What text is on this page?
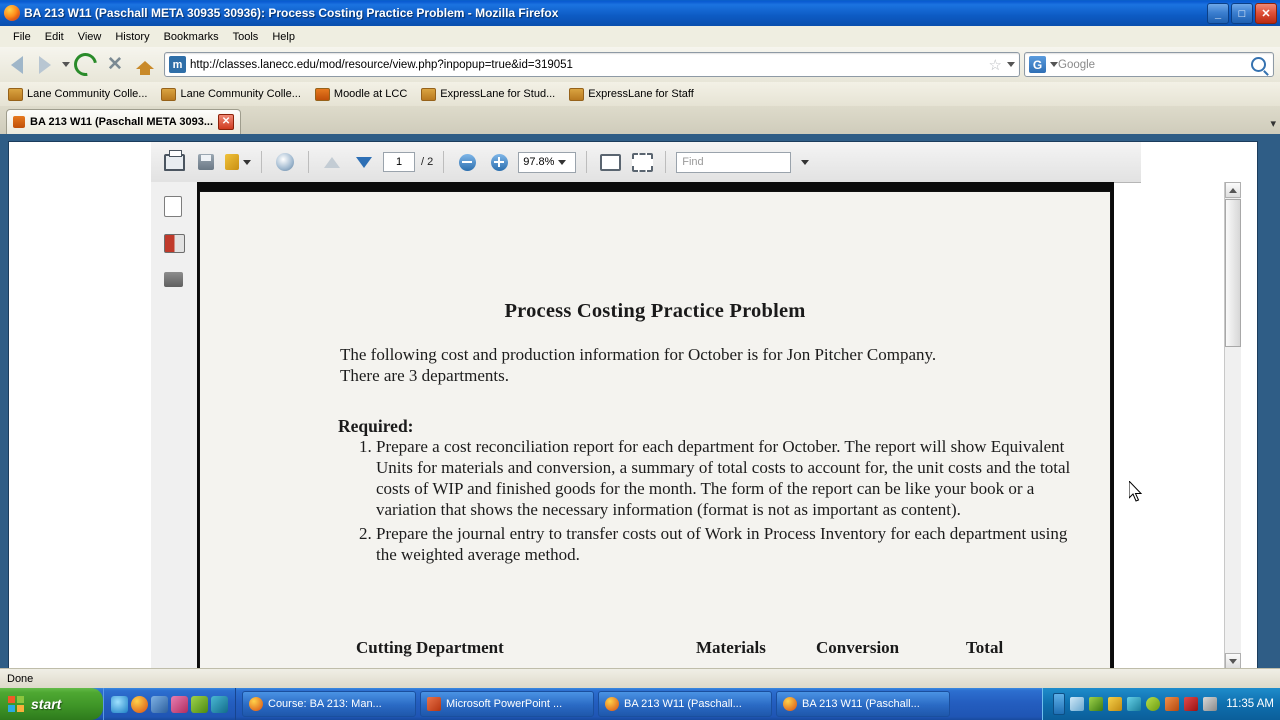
BA 213 W11 (Paschall META 30935 30936): Process Costing Practice Problem - Mozilla Firefox	_	□	✕
File	Edit	View	History	Bookmarks	Tools	Help
✕	m http://classes.lanecc.edu/mod/resource/view.php?inpopup=true&id=319051	☆	G	Google
Lane Community Colle...	Lane Community Colle...	Moodle at LCC	ExpressLane for Stud...	ExpressLane for Staff
BA 213 W11 (Paschall META 3093... ✕	▾
1	/ 2	97.8%	Find
Process Costing Practice Problem
The following cost and production information for October is for Jon Pitcher Company.
There are 3 departments.
Required:
1. Prepare a cost reconciliation report for each department for October. The report will show Equivalent Units for materials and conversion, a summary of total costs to account for, the unit costs and the total costs of WIP and finished goods for the month. The form of the report can be like your book or a variation that shows the necessary information (format is not as important as content).
2. Prepare the journal entry to transfer costs out of Work in Process Inventory for each department using the weighted average method.
Cutting Department	Materials	Conversion	Total
Done
start	Course: BA 213: Man...	Microsoft PowerPoint ...	BA 213 W11 (Paschall...	BA 213 W11 (Paschall...	11:35 AM
